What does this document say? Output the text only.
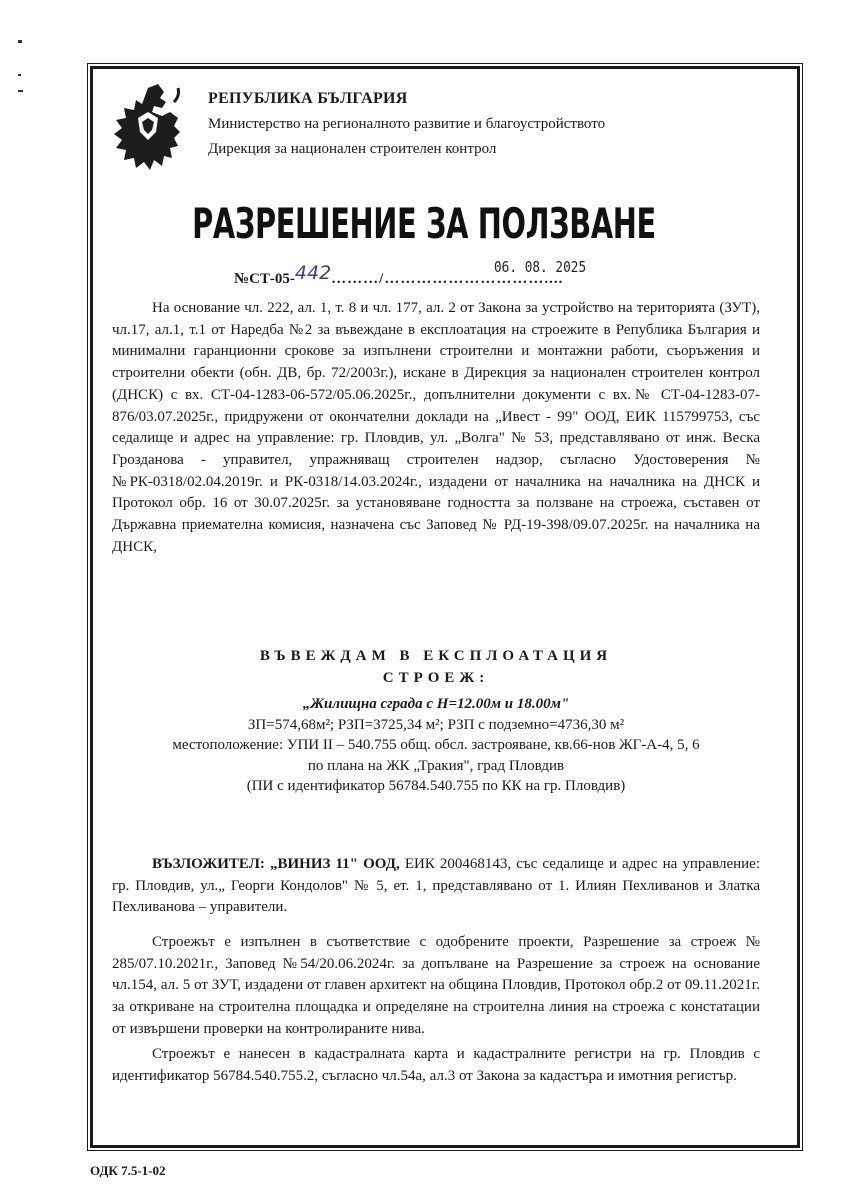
РЕПУБЛИКА БЪЛГАРИЯ
Министерство на регионалното развитие и благоустройството
Дирекция за национален строителен контрол
РАЗРЕШЕНИЕ ЗА ПОЛЗВАНЕ
№СТ-05-442………/…………………………....
06. 08. 2025

На основание чл. 222, ал. 1, т. 8 и чл. 177, ал. 2 от Закона за устройство на територията (ЗУТ), чл.17, ал.1, т.1 от Наредба №2 за въвеждане в експлоатация на строежите в Република България и минимални гаранционни срокове за изпълнени строителни и монтажни работи, съоръжения и строителни обекти (обн. ДВ, бр. 72/2003г.), искане в Дирекция за национален строителен контрол (ДНСК) с вх. СТ-04-1283-06-572/05.06.2025г., допълнителни документи с вх.№ СТ-04-1283-07-876/03.07.2025г., придружени от окончателни доклади на „Ивест - 99" ООД, ЕИК 115799753, със седалище и адрес на управление: гр. Пловдив, ул. „Волга" № 53, представлявано от инж. Веска Грозданова - управител, упражняващ строителен надзор, съгласно Удостоверения №№РК-0318/02.04.2019г. и РК-0318/14.03.2024г., издадени от началника на началника на ДНСК и Протокол обр. 16 от 30.07.2025г. за установяване годността за ползване на строежа, съставен от Държавна приемателна комисия, назначена със Заповед № РД-19-398/09.07.2025г. на началника на ДНСК,

ВЪВЕЖДАМ В ЕКСПЛОАТАЦИЯ
СТРОЕЖ:
„Жилищна сграда с Н=12.00м и 18.00м"
ЗП=574,68м²; РЗП=3725,34 м²; РЗП с подземно=4736,30 м²
местоположение: УПИ II – 540.755 общ. обсл. застрояване, кв.66-нов ЖГ-А-4, 5, 6
по плана на ЖК „Тракия", град Пловдив
(ПИ с идентификатор 56784.540.755 по КК на гр. Пловдив)

ВЪЗЛОЖИТЕЛ: „ВИНИЗ 11" ООД, ЕИК 200468143, със седалище и адрес на управление: гр. Пловдив, ул.„ Георги Кондолов" № 5, ет. 1, представлявано от 1. Илиян Пехливанов и Златка Пехливанова – управители.

Строежът е изпълнен в съответствие с одобрените проекти, Разрешение за строеж № 285/07.10.2021г., Заповед №54/20.06.2024г. за допълване на Разрешение за строеж на основание чл.154, ал. 5 от ЗУТ, издадени от главен архитект на община Пловдив, Протокол обр.2 от 09.11.2021г. за откриване на строителна площадка и определяне на строителна линия на строежа с констатации от извършени проверки на контролираните нива.

Строежът е нанесен в кадастралната карта и кадастралните регистри на гр. Пловдив с идентификатор 56784.540.755.2, съгласно чл.54а, ал.3 от Закона за кадастъра и имотния регистър.

ОДК 7.5-1-02
